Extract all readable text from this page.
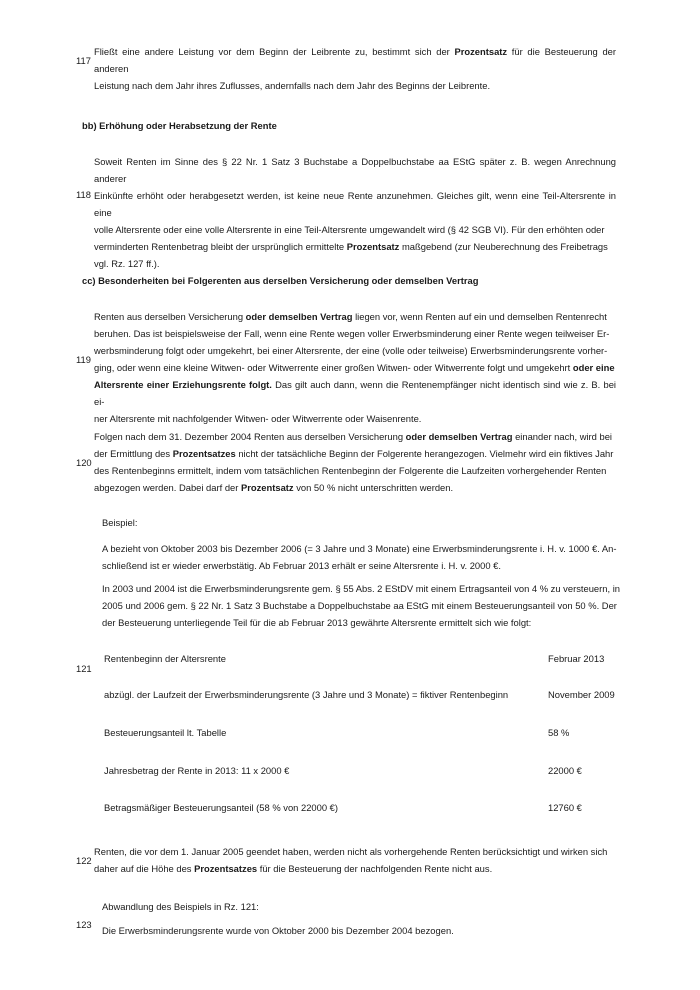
117
Fließt eine andere Leistung vor dem Beginn der Leibrente zu, bestimmt sich der Prozentsatz für die Besteuerung der anderen
Leistung nach dem Jahr ihres Zuflusses, andernfalls nach dem Jahr des Beginns der Leibrente.
bb) Erhöhung oder Herabsetzung der Rente
118
Soweit Renten im Sinne des § 22 Nr. 1 Satz 3 Buchstabe a Doppelbuchstabe aa EStG später z. B. wegen Anrechnung anderer
Einkünfte erhöht oder herabgesetzt werden, ist keine neue Rente anzunehmen. Gleiches gilt, wenn eine Teil-Altersrente in eine
volle Altersrente oder eine volle Altersrente in eine Teil-Altersrente umgewandelt wird (§ 42 SGB VI). Für den erhöhten oder
verminderten Rentenbetrag bleibt der ursprünglich ermittelte Prozentsatz maßgebend (zur Neuberechnung des Freibetrags
vgl. Rz. 127 ff.).
cc) Besonderheiten bei Folgerenten aus derselben Versicherung oder demselben Vertrag
119
Renten aus derselben Versicherung oder demselben Vertrag liegen vor, wenn Renten auf ein und demselben Rentenrecht
beruhen. Das ist beispielsweise der Fall, wenn eine Rente wegen voller Erwerbsminderung einer Rente wegen teilweiser Er-
werbsminderung folgt oder umgekehrt, bei einer Altersrente, der eine (volle oder teilweise) Erwerbsminderungsrente vorher-
ging, oder wenn eine kleine Witwen- oder Witwerrente einer großen Witwen- oder Witwerrente folgt und umgekehrt oder eine
Altersrente einer Erziehungsrente folgt. Das gilt auch dann, wenn die Rentenempfänger nicht identisch sind wie z. B. bei ei-
ner Altersrente mit nachfolgender Witwen- oder Witwerrente oder Waisenrente.
120
Folgen nach dem 31. Dezember 2004 Renten aus derselben Versicherung oder demselben Vertrag einander nach, wird bei
der Ermittlung des Prozentsatzes nicht der tatsächliche Beginn der Folgerente herangezogen. Vielmehr wird ein fiktives Jahr
des Rentenbeginns ermittelt, indem vom tatsächlichen Rentenbeginn der Folgerente die Laufzeiten vorhergehender Renten
abgezogen werden. Dabei darf der Prozentsatz von 50 % nicht unterschritten werden.
Beispiel:
A bezieht von Oktober 2003 bis Dezember 2006 (= 3 Jahre und 3 Monate) eine Erwerbsminderungsrente i. H. v. 1000 €. An-
schließend ist er wieder erwerbstätig. Ab Februar 2013 erhält er seine Altersrente i. H. v. 2000 €.
In 2003 und 2004 ist die Erwerbsminderungsrente gem. § 55 Abs. 2 EStDV mit einem Ertragsanteil von 4 % zu versteuern, in
2005 und 2006 gem. § 22 Nr. 1 Satz 3 Buchstabe a Doppelbuchstabe aa EStG mit einem Besteuerungsanteil von 50 %. Der
der Besteuerung unterliegende Teil für die ab Februar 2013 gewährte Altersrente ermittelt sich wie folgt:
121
Rentenbeginn der Altersrente	Februar 2013
abzügl. der Laufzeit der Erwerbsminderungsrente (3 Jahre und 3 Monate) = fiktiver Rentenbeginn	November 2009
Besteuerungsanteil lt. Tabelle	58 %
Jahresbetrag der Rente in 2013: 11 x 2000 €	22000 €
Betragsmäßiger Besteuerungsanteil (58 % von 22000 €)	12760 €
122
Renten, die vor dem 1. Januar 2005 geendet haben, werden nicht als vorhergehende Renten berücksichtigt und wirken sich
daher auf die Höhe des Prozentsatzes für die Besteuerung der nachfolgenden Rente nicht aus.
123
Abwandlung des Beispiels in Rz. 121:
Die Erwerbsminderungsrente wurde von Oktober 2000 bis Dezember 2004 bezogen.
